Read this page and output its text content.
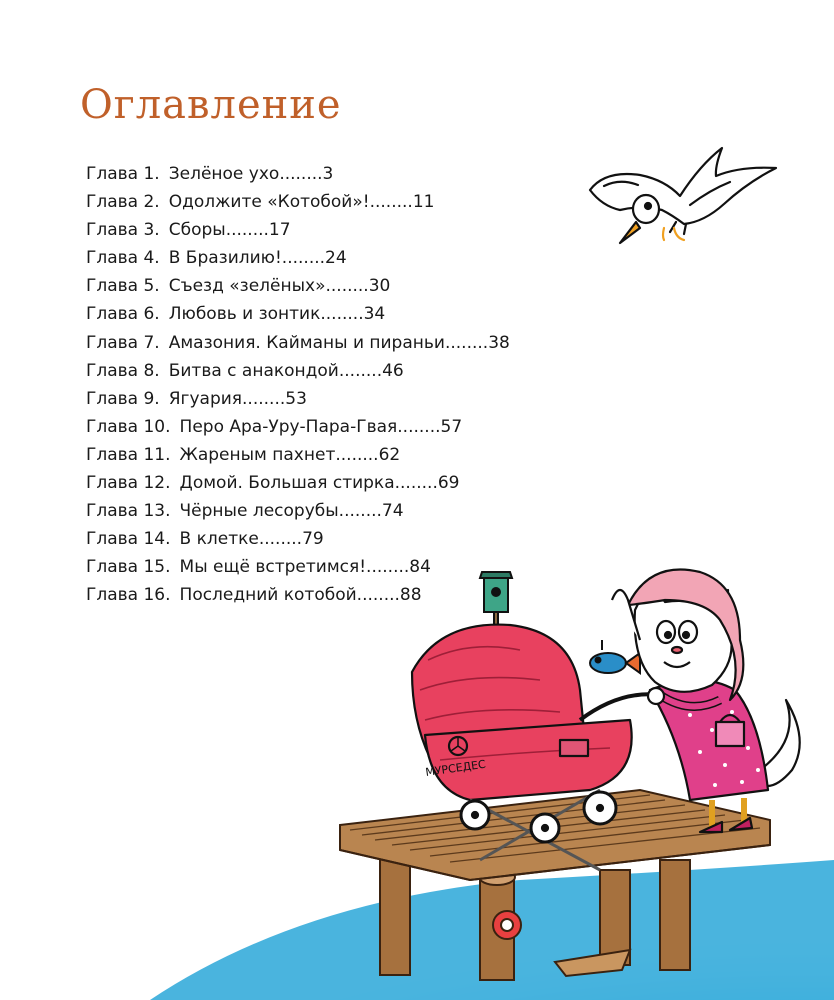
Оглавление
Глава 1. Зелёное ухо........3
Глава 2. Одолжите «Котобой»!........11
Глава 3. Сборы........17
Глава 4. В Бразилию!........24
Глава 5. Съезд «зелёных»........30
Глава 6. Любовь и зонтик........34
Глава 7. Амазония. Кайманы и пираньи........38
Глава 8. Битва с анакондой........46
Глава 9. Ягуария........53
Глава 10. Перо Ара-Уру-Пара-Гвая........57
Глава 11. Жареным пахнет........62
Глава 12. Домой. Большая стирка........69
Глава 13. Чёрные лесорубы........74
Глава 14. В клетке........79
Глава 15. Мы ещё встретимся!........84
Глава 16. Последний котобой........88
МУРСЕДЕС
